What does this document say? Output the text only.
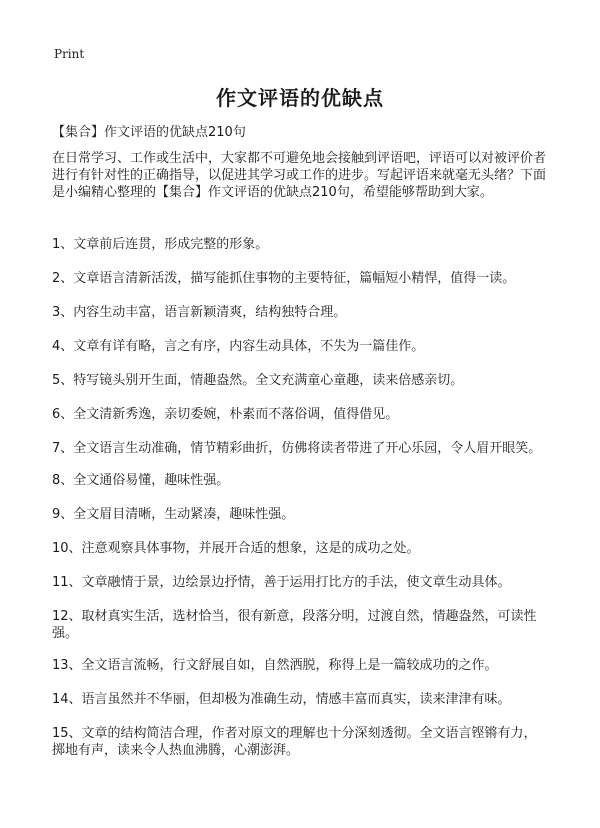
Print
作文评语的优缺点
【集合】作文评语的优缺点210句

在日常学习、工作或生活中，大家都不可避免地会接触到评语吧，评语可以对被评价者进行有针对性的正确指导，以促进其学习或工作的进步。写起评语来就毫无头绪？下面是小编精心整理的【集合】作文评语的优缺点210句，希望能够帮助到大家。

1、文章前后连贯，形成完整的形象。
2、文章语言清新活泼，描写能抓住事物的主要特征，篇幅短小精悍，值得一读。
3、内容生动丰富，语言新颖清爽，结构独特合理。
4、文章有详有略，言之有序，内容生动具体，不失为一篇佳作。
5、特写镜头别开生面，情趣盎然。全文充满童心童趣，读来倍感亲切。
6、全文清新秀逸，亲切委婉，朴素而不落俗调，值得借见。
7、全文语言生动准确，情节精彩曲折，仿佛将读者带进了开心乐园，令人眉开眼笑。
8、全文通俗易懂，趣味性强。
9、全文眉目清晰，生动紧凑，趣味性强。
10、注意观察具体事物，并展开合适的想象，这是的成功之处。
11、文章融情于景，边绘景边抒情，善于运用打比方的手法，使文章生动具体。
12、取材真实生活，选材恰当，很有新意，段落分明，过渡自然，情趣盎然，可读性强。
13、全文语言流畅，行文舒展自如，自然洒脱，称得上是一篇较成功的之作。
14、语言虽然并不华丽，但却极为准确生动，情感丰富而真实，读来津津有味。
15、文章的结构简洁合理，作者对原文的理解也十分深刻透彻。全文语言铿锵有力，掷地有声，读来令人热血沸腾，心潮澎湃。
